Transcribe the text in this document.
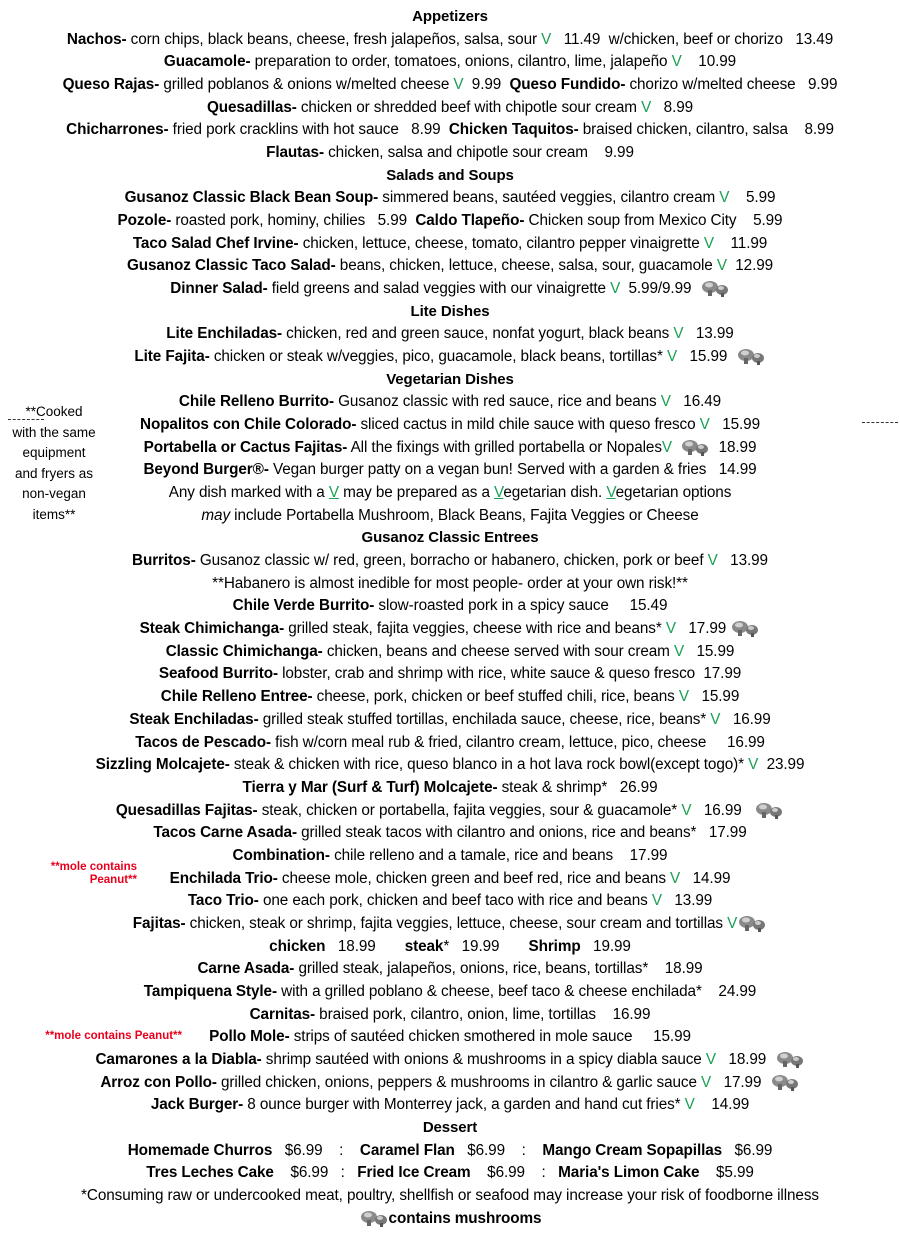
Appetizers
Nachos- corn chips, black beans, cheese, fresh jalapeños, salsa, sour V   11.49  w/chicken, beef or chorizo   13.49
Guacamole- preparation to order, tomatoes, onions, cilantro, lime, jalapeño V    10.99
Queso Rajas- grilled poblanos & onions w/melted cheese V  9.99  Queso Fundido- chorizo w/melted cheese   9.99
Quesadillas- chicken or shredded beef with chipotle sour cream V   8.99
Chicharrones- fried pork cracklins with hot sauce   8.99  Chicken Taquitos- braised chicken, cilantro, salsa    8.99
Flautas- chicken, salsa and chipotle sour cream    9.99
Salads and Soups
Gusanoz Classic Black Bean Soup- simmered beans, sautéed veggies, cilantro cream V    5.99
Pozole- roasted pork, hominy, chilies   5.99  Caldo Tlapeño- Chicken soup from Mexico City    5.99
Taco Salad Chef Irvine- chicken, lettuce, cheese, tomato, cilantro pepper vinaigrette V    11.99
Gusanoz Classic Taco Salad- beans, chicken, lettuce, cheese, salsa, sour, guacamole V  12.99
Dinner Salad- field greens and salad veggies with our vinaigrette V  5.99/9.99
Lite Dishes
Lite Enchiladas- chicken, red and green sauce, nonfat yogurt, black beans V   13.99
Lite Fajita- chicken or steak w/veggies, pico, guacamole, black beans, tortillas* V   15.99
Vegetarian Dishes
Chile Relleno Burrito- Gusanoz classic with red sauce, rice and beans V   16.49
Nopalitos con Chile Colorado- sliced cactus in mild chile sauce with queso fresco V   15.99
Portabella or Cactus Fajitas- All the fixings with grilled portabella or NopalesV	18.99
Beyond Burger®- Vegan burger patty on a vegan bun! Served with a garden & fries   14.99
Any dish marked with a V may be prepared as a Vegetarian dish. Vegetarian options
may include Portabella Mushroom, Black Beans, Fajita Veggies or Cheese
Gusanoz Classic Entrees
Burritos- Gusanoz classic w/ red, green, borracho or habanero, chicken, pork or beef V   13.99
**Habanero is almost inedible for most people- order at your own risk!**
Chile Verde Burrito- slow-roasted pork in a spicy sauce     15.49
Steak Chimichanga- grilled steak, fajita veggies, cheese with rice and beans* V   17.99
Classic Chimichanga- chicken, beans and cheese served with sour cream V   15.99
Seafood Burrito- lobster, crab and shrimp with rice, white sauce & queso fresco  17.99
Chile Relleno Entree- cheese, pork, chicken or beef stuffed chili, rice, beans V   15.99
Steak Enchiladas- grilled steak stuffed tortillas, enchilada sauce, cheese, rice, beans* V   16.99
Tacos de Pescado- fish w/corn meal rub & fried, cilantro cream, lettuce, pico, cheese     16.99
Sizzling Molcajete- steak & chicken with rice, queso blanco in a hot lava rock bowl(except togo)* V  23.99
Tierra y Mar (Surf & Turf) Molcajete- steak & shrimp*   26.99
Quesadillas Fajitas- steak, chicken or portabella, fajita veggies, sour & guacamole* V   16.99
Tacos Carne Asada- grilled steak tacos with cilantro and onions, rice and beans*   17.99
Combination- chile relleno and a tamale, rice and beans    17.99
Enchilada Trio- cheese mole, chicken green and beef red, rice and beans V   14.99
Taco Trio- one each pork, chicken and beef taco with rice and beans V   13.99
Fajitas- chicken, steak or shrimp, fajita veggies, lettuce, cheese, sour cream and tortillas V
chicken   18.99       steak*   19.99       Shrimp   19.99
Carne Asada- grilled steak, jalapeños, onions, rice, beans, tortillas*    18.99
Tampiquena Style- with a grilled poblano & cheese, beef taco & cheese enchilada*    24.99
Carnitas- braised pork, cilantro, onion, lime, tortillas    16.99
Pollo Mole- strips of sautéed chicken smothered in mole sauce     15.99
Camarones a la Diabla- shrimp sautéed with onions & mushrooms in a spicy diabla sauce V   18.99
Arroz con Pollo- grilled chicken, onions, peppers & mushrooms in cilantro & garlic sauce V   17.99
Jack Burger- 8 ounce burger with Monterrey jack, a garden and hand cut fries* V    14.99
Dessert
Homemade Churros   $6.99    :    Caramel Flan   $6.99    :    Mango Cream Sopapillas   $6.99
Tres Leches Cake    $6.99   :   Fried Ice Cream    $6.99    :   Maria's Limon Cake    $5.99
*Consuming raw or undercooked meat, poultry, shellfish or seafood may increase your risk of foodborne illness
contains mushrooms
**Cooked
with the same
equipment
and fryers as
non-vegan
items**
**mole contains
Peanut**
**mole contains Peanut**
